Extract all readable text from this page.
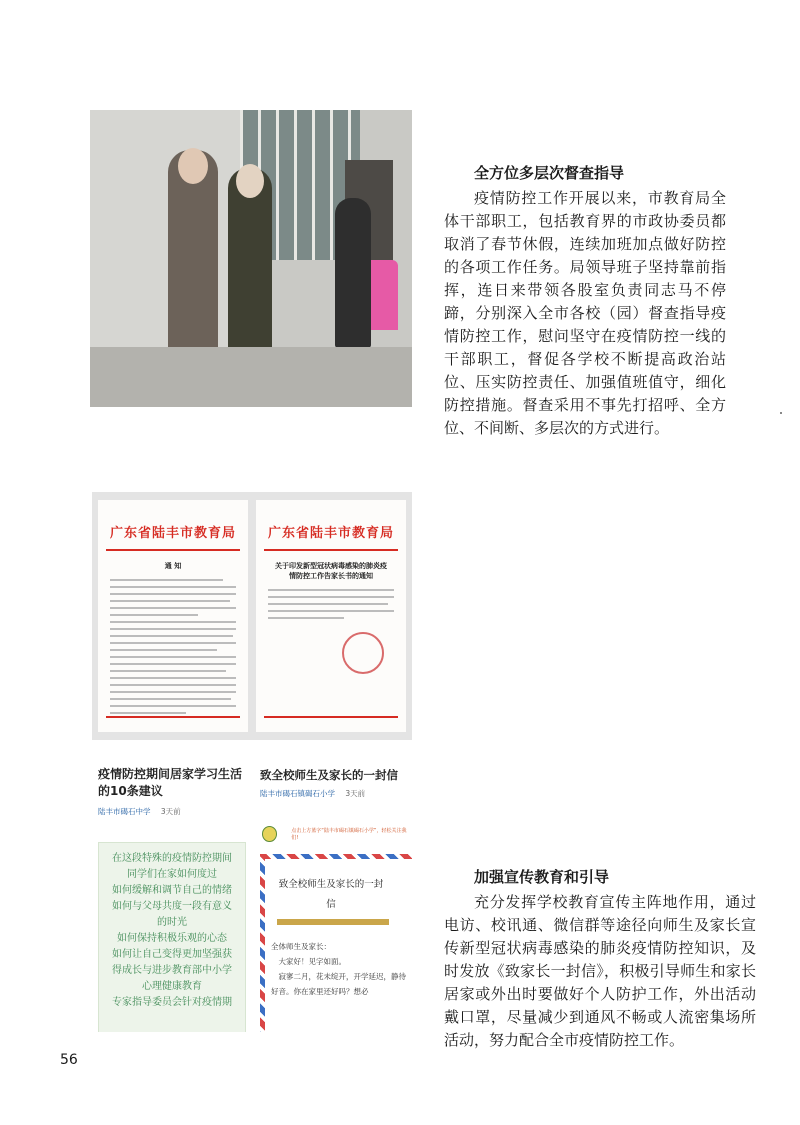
全方位多层次督查指导

疫情防控工作开展以来，市教育局全体干部职工，包括教育界的市政协委员都取消了春节休假，连续加班加点做好防控的各项工作任务。局领导班子坚持靠前指挥，连日来带领各股室负责同志马不停蹄，分别深入全市各校（园）督查指导疫情防控工作，慰问坚守在疫情防控一线的干部职工，督促各学校不断提高政治站位、压实防控责任、加强值班值守，细化防控措施。督查采用不事先打招呼、全方位、不间断、多层次的方式进行。

广东省陆丰市教育局
通 知
广东省陆丰市教育局
关于印发新型冠状病毒感染的肺炎疫情防控工作告家长书的通知
疫情防控期间居家学习生活的10条建议
陆丰市碣石中学 3天前
在这段特殊的疫情防控期间
同学们在家如何度过
如何缓解和调节自己的情绪
如何与父母共度一段有意义
的时光
如何保持积极乐观的心态
如何让自己变得更加坚强获
得成长与进步教育部中小学
心理健康教育
专家指导委员会针对疫情期
致全校师生及家长的一封信
陆丰市碣石镇碣石小学 3天前
点击上方蓝字“陆丰市碣石镇碣石小学”，轻松关注我们!
致全校师生及家长的一封信

全体师生及家长：

大家好！见字如面。

寂寥二月，花未绽开，开学延迟，静待好音。你在家里还好吗？想必

加强宣传教育和引导

充分发挥学校教育宣传主阵地作用，通过电访、校讯通、微信群等途径向师生及家长宣传新型冠状病毒感染的肺炎疫情防控知识，及时发放《致家长一封信》，积极引导师生和家长居家或外出时要做好个人防护工作，外出活动戴口罩，尽量减少到通风不畅或人流密集场所活动，努力配合全市疫情防控工作。

56
